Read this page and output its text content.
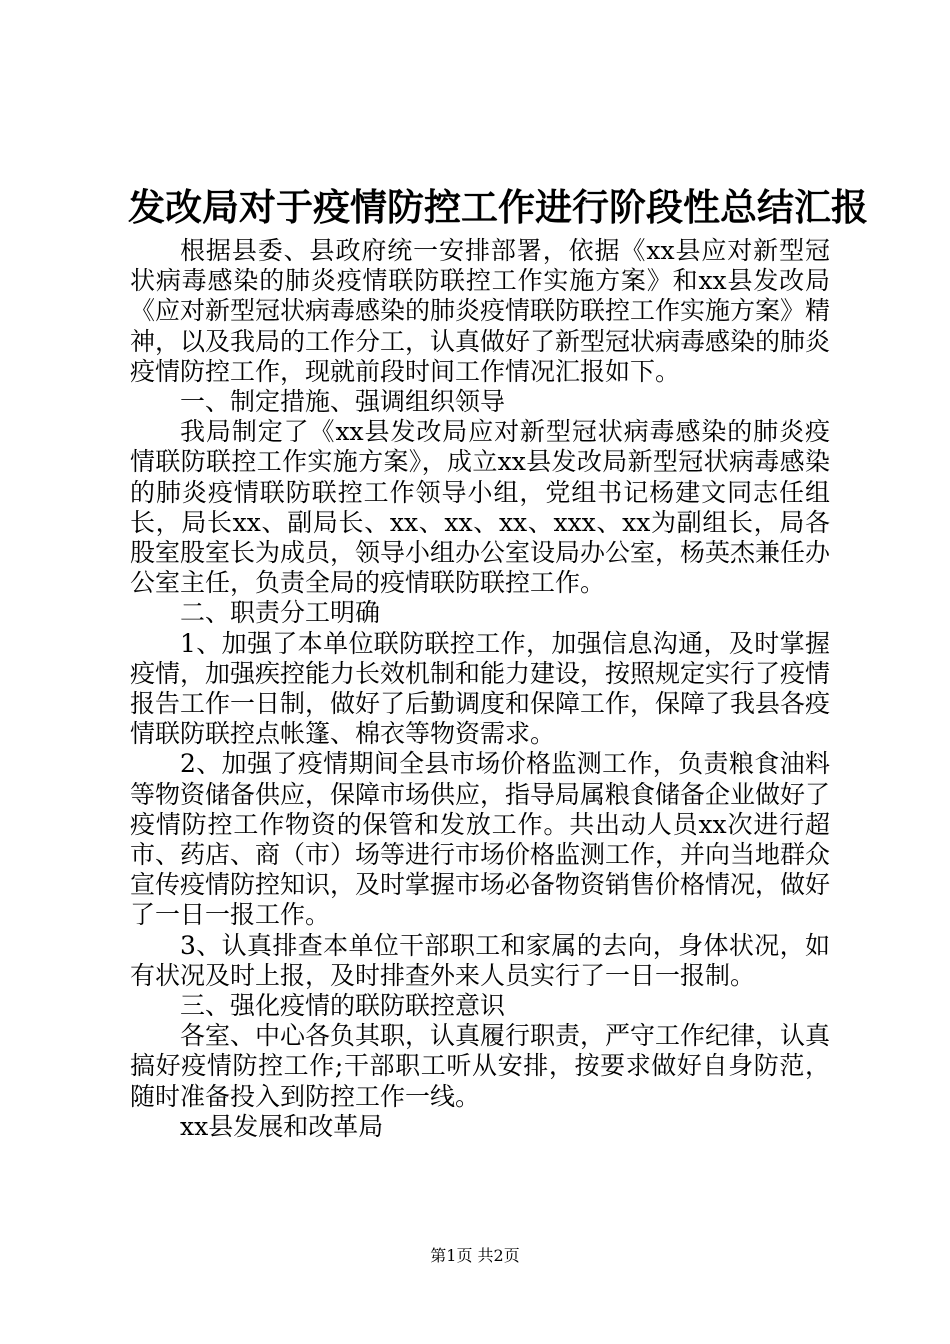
发改局对于疫情防控工作进行阶段性总结汇报

根据县委、县政府统一安排部署，依据《xx县应对新型冠状病毒感染的肺炎疫情联防联控工作实施方案》和xx县发改局《应对新型冠状病毒感染的肺炎疫情联防联控工作实施方案》精神，以及我局的工作分工，认真做好了新型冠状病毒感染的肺炎疫情防控工作，现就前段时间工作情况汇报如下。

一、制定措施、强调组织领导

我局制定了《xx县发改局应对新型冠状病毒感染的肺炎疫情联防联控工作实施方案》，成立xx县发改局新型冠状病毒感染的肺炎疫情联防联控工作领导小组，党组书记杨建文同志任组长，局长xx、副局长、xx、xx、xx、xxx、xx为副组长，局各股室股室长为成员，领导小组办公室设局办公室，杨英杰兼任办公室主任，负责全局的疫情联防联控工作。

二、职责分工明确

1、加强了本单位联防联控工作，加强信息沟通，及时掌握疫情，加强疾控能力长效机制和能力建设，按照规定实行了疫情报告工作一日制，做好了后勤调度和保障工作，保障了我县各疫情联防联控点帐篷、棉衣等物资需求。

2、加强了疫情期间全县市场价格监测工作，负责粮食油料等物资储备供应，保障市场供应，指导局属粮食储备企业做好了疫情防控工作物资的保管和发放工作。共出动人员xx次进行超市、药店、商（市）场等进行市场价格监测工作，并向当地群众宣传疫情防控知识，及时掌握市场必备物资销售价格情况，做好了一日一报工作。

3、认真排查本单位干部职工和家属的去向，身体状况，如有状况及时上报，及时排查外来人员实行了一日一报制。

三、强化疫情的联防联控意识

各室、中心各负其职，认真履行职责，严守工作纪律，认真搞好疫情防控工作;干部职工听从安排，按要求做好自身防范，随时准备投入到防控工作一线。

xx县发展和改革局

第1页 共2页
